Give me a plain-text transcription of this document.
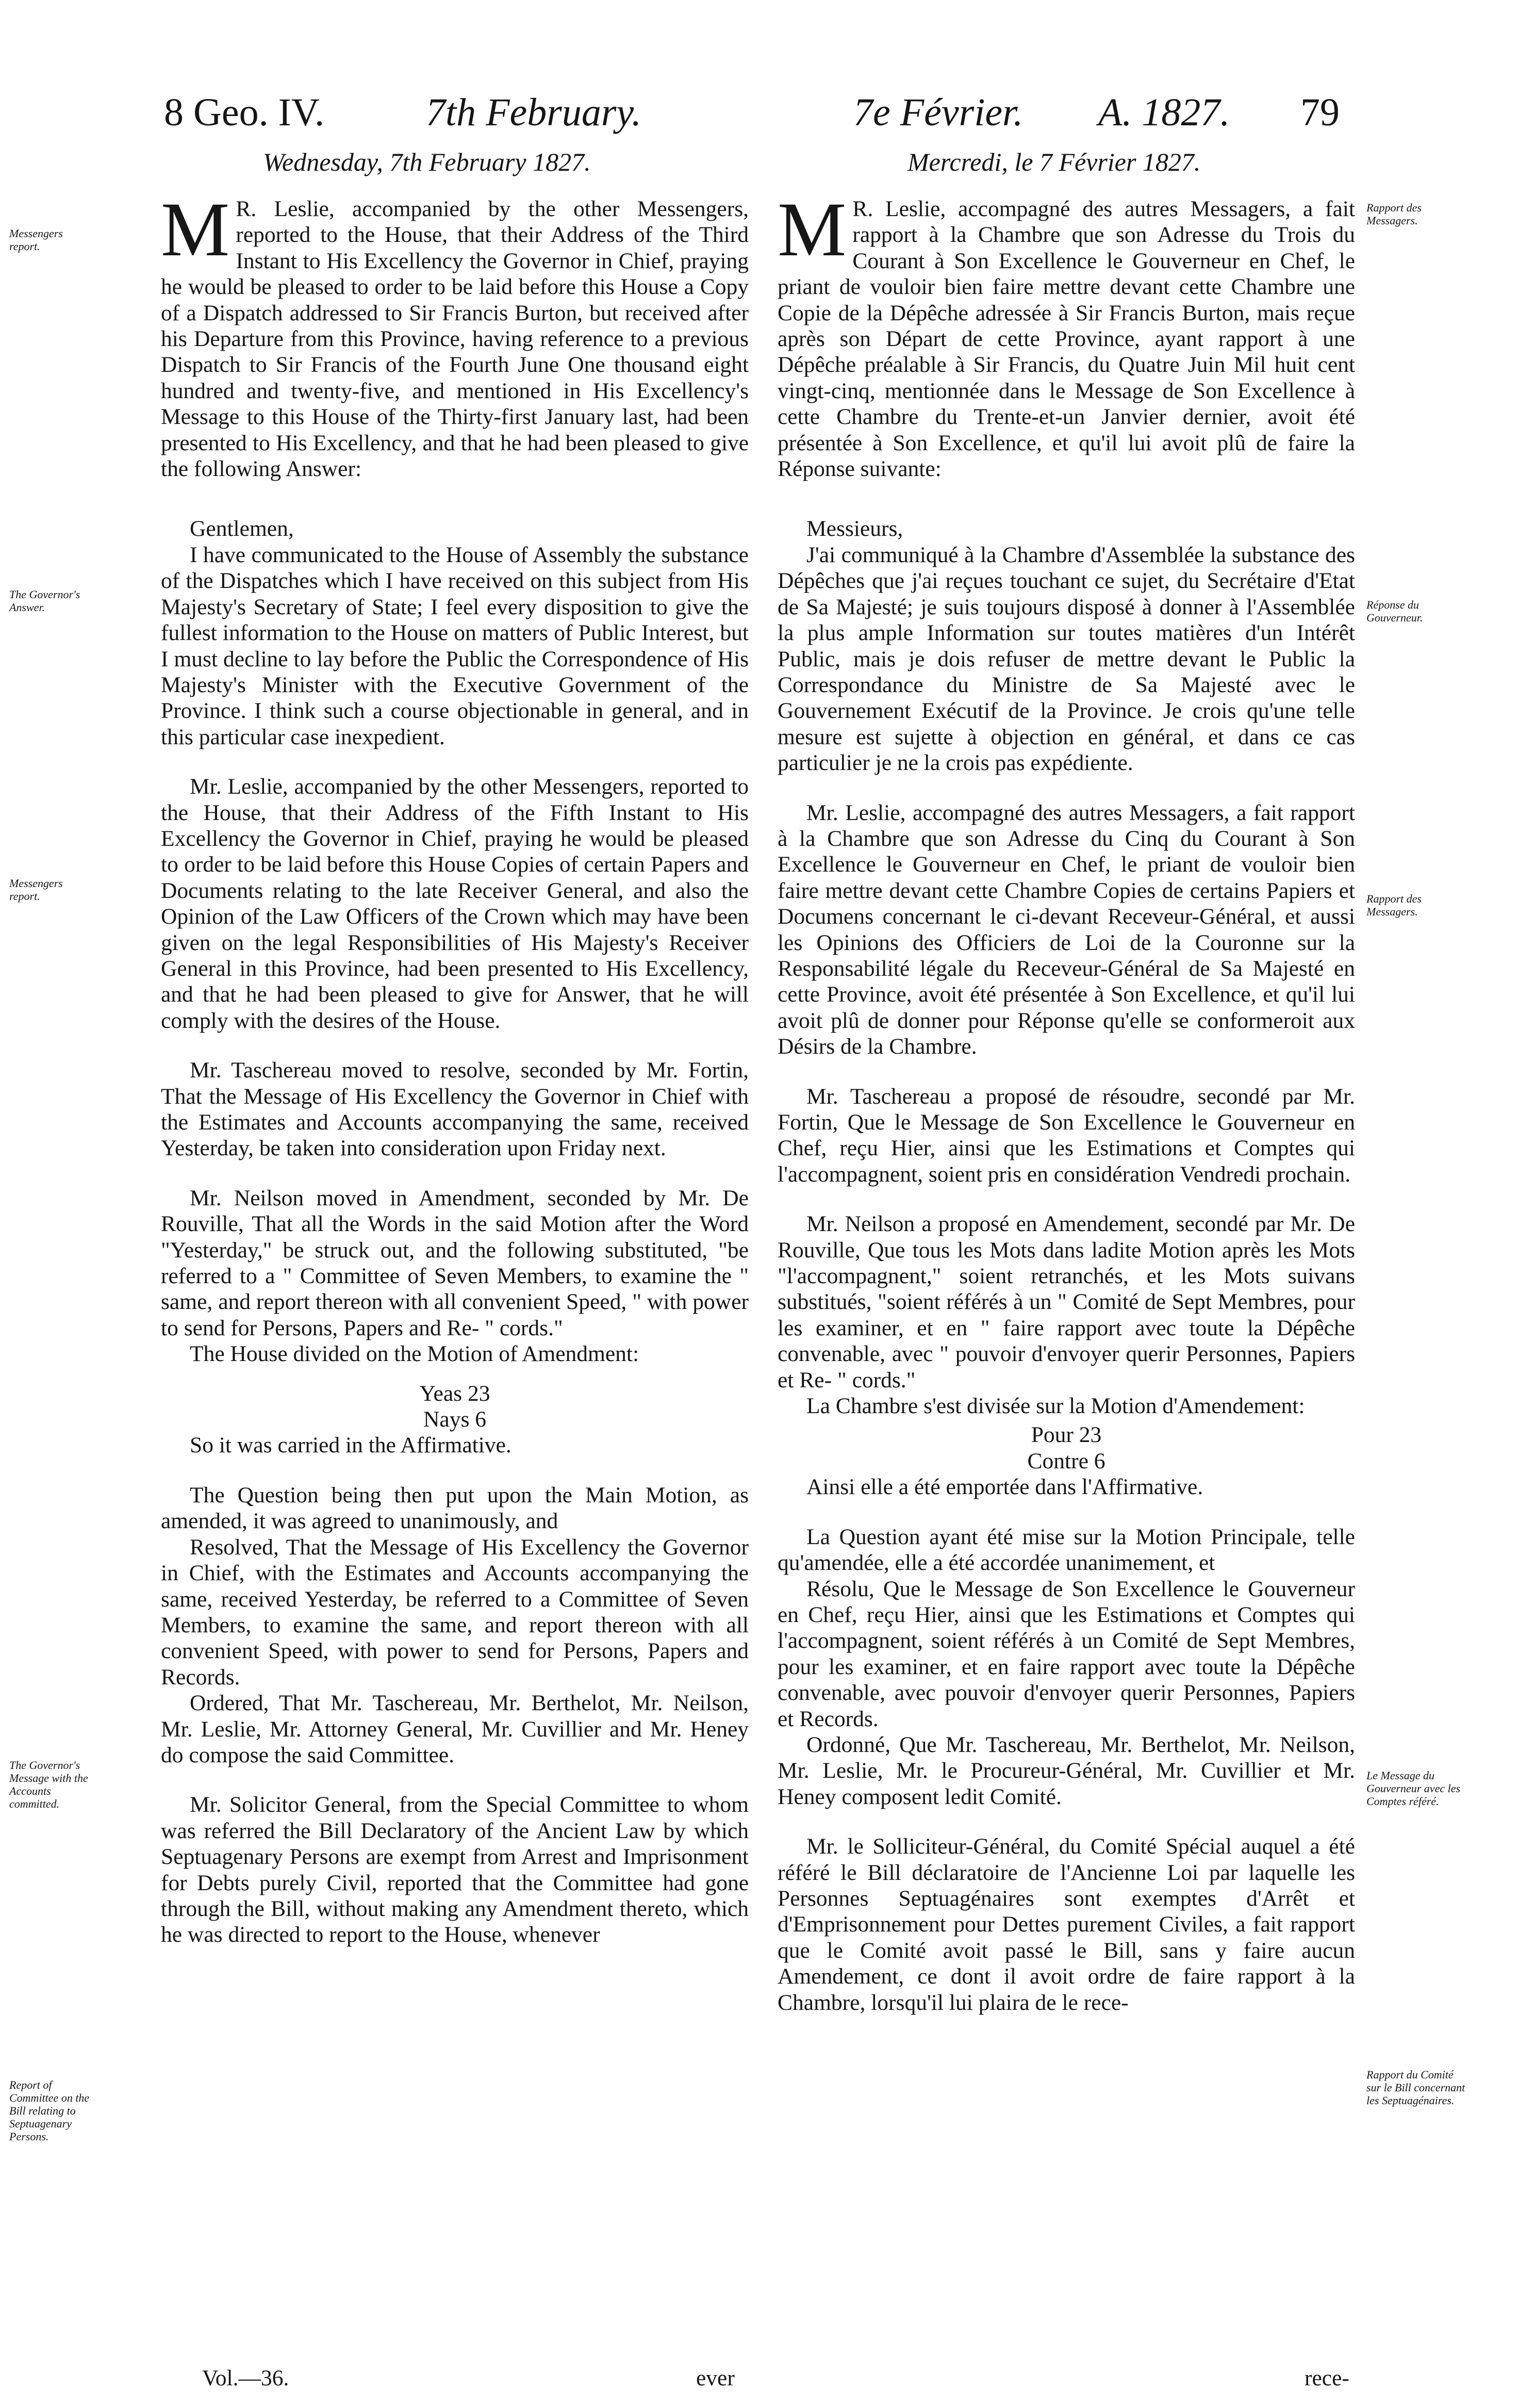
8 Geo. IV.	7th February.	7e Février. A. 1827. 79
Wednesday, 7th February 1827.	Mercredi, le 7 Février 1827.

M R. Leslie, accompanied by the other Messengers, reported to the House, that their Address of the Third Instant to His Excellency the Governor in Chief, praying he would be pleased to order to be laid before this House a Copy of a Dispatch addressed to Sir Francis Burton, but received after his Departure from this Province, having reference to a previous Dispatch to Sir Francis of the Fourth June One thousand eight hundred and twenty-five, and mentioned in His Excellency's Message to this House of the Thirty-first January last, had been presented to His Excellency, and that he had been pleased to give the following Answer:

Gentlemen,

I have communicated to the House of Assembly the substance of the Dispatches which I have received on this subject from His Majesty's Secretary of State; I feel every disposition to give the fullest information to the House on matters of Public Interest, but I must decline to lay before the Public the Correspondence of His Majesty's Minister with the Executive Government of the Province. I think such a course objectionable in general, and in this particular case inexpedient.

Mr. Leslie, accompanied by the other Messengers, reported to the House, that their Address of the Fifth Instant to His Excellency the Governor in Chief, praying he would be pleased to order to be laid before this House Copies of certain Papers and Documents relating to the late Receiver General, and also the Opinion of the Law Officers of the Crown which may have been given on the legal Responsibilities of His Majesty's Receiver General in this Province, had been presented to His Excellency, and that he had been pleased to give for Answer, that he will comply with the desires of the House.

Mr. Taschereau moved to resolve, seconded by Mr. Fortin, That the Message of His Excellency the Governor in Chief with the Estimates and Accounts accompanying the same, received Yesterday, be taken into consideration upon Friday next.

Mr. Neilson moved in Amendment, seconded by Mr. De Rouville, That all the Words in the said Motion after the Word "Yesterday," be struck out, and the following substituted, "be referred to a " Committee of Seven Members, to examine the " same, and report thereon with all convenient Speed, " with power to send for Persons, Papers and Re- " cords."

The House divided on the Motion of Amendment:

Yeas 23

Nays 6

So it was carried in the Affirmative.

The Question being then put upon the Main Motion, as amended, it was agreed to unanimously, and

Resolved, That the Message of His Excellency the Governor in Chief, with the Estimates and Accounts accompanying the same, received Yesterday, be referred to a Committee of Seven Members, to examine the same, and report thereon with all convenient Speed, with power to send for Persons, Papers and Records.

Ordered, That Mr. Taschereau, Mr. Berthelot, Mr. Neilson, Mr. Leslie, Mr. Attorney General, Mr. Cuvillier and Mr. Heney do compose the said Committee.

Mr. Solicitor General, from the Special Committee to whom was referred the Bill Declaratory of the Ancient Law by which Septuagenary Persons are exempt from Arrest and Imprisonment for Debts purely Civil, reported that the Committee had gone through the Bill, without making any Amendment thereto, which he was directed to report to the House, whenever

M R. Leslie, accompagné des autres Messagers, a fait rapport à la Chambre que son Adresse du Trois du Courant à Son Excellence le Gouverneur en Chef, le priant de vouloir bien faire mettre devant cette Chambre une Copie de la Dépêche adressée à Sir Francis Burton, mais reçue après son Départ de cette Province, ayant rapport à une Dépêche préalable à Sir Francis, du Quatre Juin Mil huit cent vingt-cinq, mentionnée dans le Message de Son Excellence à cette Chambre du Trente-et-un Janvier dernier, avoit été présentée à Son Excellence, et qu'il lui avoit plû de faire la Réponse suivante:

Messieurs,

J'ai communiqué à la Chambre d'Assemblée la substance des Dépêches que j'ai reçues touchant ce sujet, du Secrétaire d'Etat de Sa Majesté; je suis toujours disposé à donner à l'Assemblée la plus ample Information sur toutes matières d'un Intérêt Public, mais je dois refuser de mettre devant le Public la Correspondance du Ministre de Sa Majesté avec le Gouvernement Exécutif de la Province. Je crois qu'une telle mesure est sujette à objection en général, et dans ce cas particulier je ne la crois pas expédiente.

Mr. Leslie, accompagné des autres Messagers, a fait rapport à la Chambre que son Adresse du Cinq du Courant à Son Excellence le Gouverneur en Chef, le priant de vouloir bien faire mettre devant cette Chambre Copies de certains Papiers et Documens concernant le ci-devant Receveur-Général, et aussi les Opinions des Officiers de Loi de la Couronne sur la Responsabilité légale du Receveur-Général de Sa Majesté en cette Province, avoit été présentée à Son Excellence, et qu'il lui avoit plû de donner pour Réponse qu'elle se conformeroit aux Désirs de la Chambre.

Mr. Taschereau a proposé de résoudre, secondé par Mr. Fortin, Que le Message de Son Excellence le Gouverneur en Chef, reçu Hier, ainsi que les Estimations et Comptes qui l'accompagnent, soient pris en considération Vendredi prochain.

Mr. Neilson a proposé en Amendement, secondé par Mr. De Rouville, Que tous les Mots dans ladite Motion après les Mots "l'accompagnent," soient retranchés, et les Mots suivans substitués, "soient référés à un " Comité de Sept Membres, pour les examiner, et en " faire rapport avec toute la Dépêche convenable, avec " pouvoir d'envoyer querir Personnes, Papiers et Re- " cords."

La Chambre s'est divisée sur la Motion d'Amendement:

Pour 23

Contre 6

Ainsi elle a été emportée dans l'Affirmative.

La Question ayant été mise sur la Motion Principale, telle qu'amendée, elle a été accordée unanimement, et

Résolu, Que le Message de Son Excellence le Gouverneur en Chef, reçu Hier, ainsi que les Estimations et Comptes qui l'accompagnent, soient référés à un Comité de Sept Membres, pour les examiner, et en faire rapport avec toute la Dépêche convenable, avec pouvoir d'envoyer querir Personnes, Papiers et Records.

Ordonné, Que Mr. Taschereau, Mr. Berthelot, Mr. Neilson, Mr. Leslie, Mr. le Procureur-Général, Mr. Cuvillier et Mr. Heney composent ledit Comité.

Mr. le Solliciteur-Général, du Comité Spécial auquel a été référé le Bill déclaratoire de l'Ancienne Loi par laquelle les Personnes Septuagénaires sont exemptes d'Arrêt et d'Emprisonnement pour Dettes purement Civiles, a fait rapport que le Comité avoit passé le Bill, sans y faire aucun Amendement, ce dont il avoit ordre de faire rapport à la Chambre, lorsqu'il lui plaira de le rece-

Messengers report.
The Governor's Answer.
Messengers report.
The Governor's Message with the Accounts committed.
Report of Committee on the Bill relating to Septuagenary Persons.
Rapport des Messagers.
Réponse du Gouverneur.
Rapport des Messagers.
Le Message du Gouverneur avec les Comptes référé.
Rapport du Comité sur le Bill concernant les Septuagénaires.
Vol.—36.	ever	rece-
